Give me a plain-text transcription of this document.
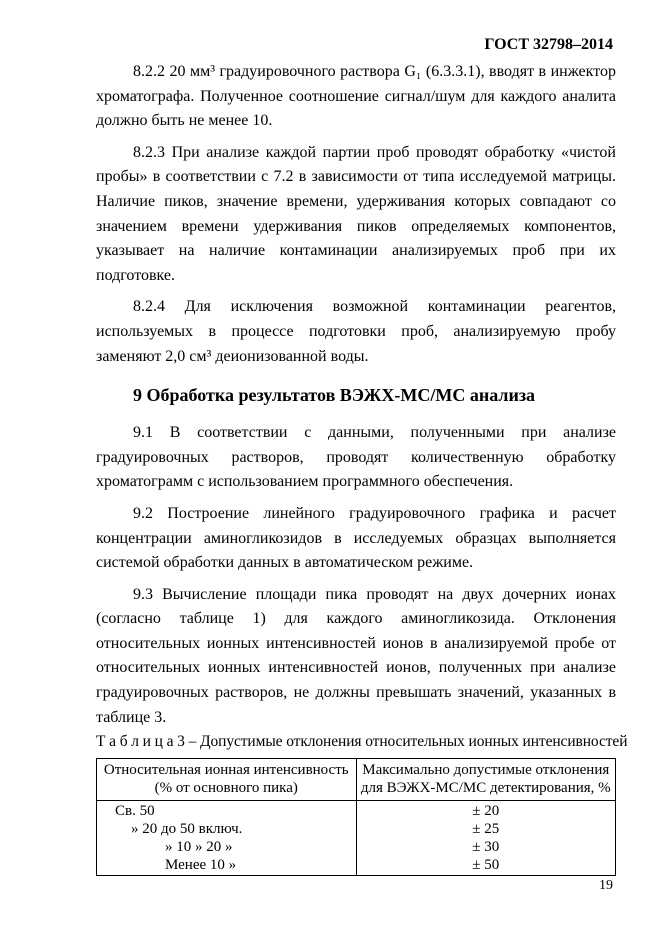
ГОСТ 32798–2014

8.2.2 20 мм³ градуировочного раствора G₁ (6.3.3.1), вводят в инжектор хроматографа. Полученное соотношение сигнал/шум для каждого аналита должно быть не менее 10.

8.2.3 При анализе каждой партии проб проводят обработку «чистой пробы» в соответствии с 7.2 в зависимости от типа исследуемой матрицы. Наличие пиков, значение времени, удерживания которых совпадают со значением времени удерживания пиков определяемых компонентов, указывает на наличие контаминации анализируемых проб при их подготовке.

8.2.4 Для исключения возможной контаминации реагентов, используемых в процессе подготовки проб, анализируемую пробу заменяют 2,0 см³ деионизованной воды.

9 Обработка результатов ВЭЖХ-МС/МС анализа

9.1 В соответствии с данными, полученными при анализе градуировочных растворов, проводят количественную обработку хроматограмм с использованием программного обеспечения.

9.2 Построение линейного градуировочного графика и расчет концентрации аминогликозидов в исследуемых образцах выполняется системой обработки данных в автоматическом режиме.

9.3 Вычисление площади пика проводят на двух дочерних ионах (согласно таблице 1) для каждого аминогликозида. Отклонения относительных ионных интенсивностей ионов в анализируемой пробе от относительных ионных интенсивностей ионов, полученных при анализе градуировочных растворов, не должны превышать значений, указанных в таблице 3.

Т а б л и ц а 3 – Допустимые отклонения относительных ионных интенсивностей
Относительная ионная интенсивность (% от основного пика)	Максимально допустимые отклонения для ВЭЖХ-МС/МС детектирования, %
Св. 50	± 20
» 20 до 50 включ.	± 25
» 10 » 20 »	± 30
Менее 10 »	± 50
19
